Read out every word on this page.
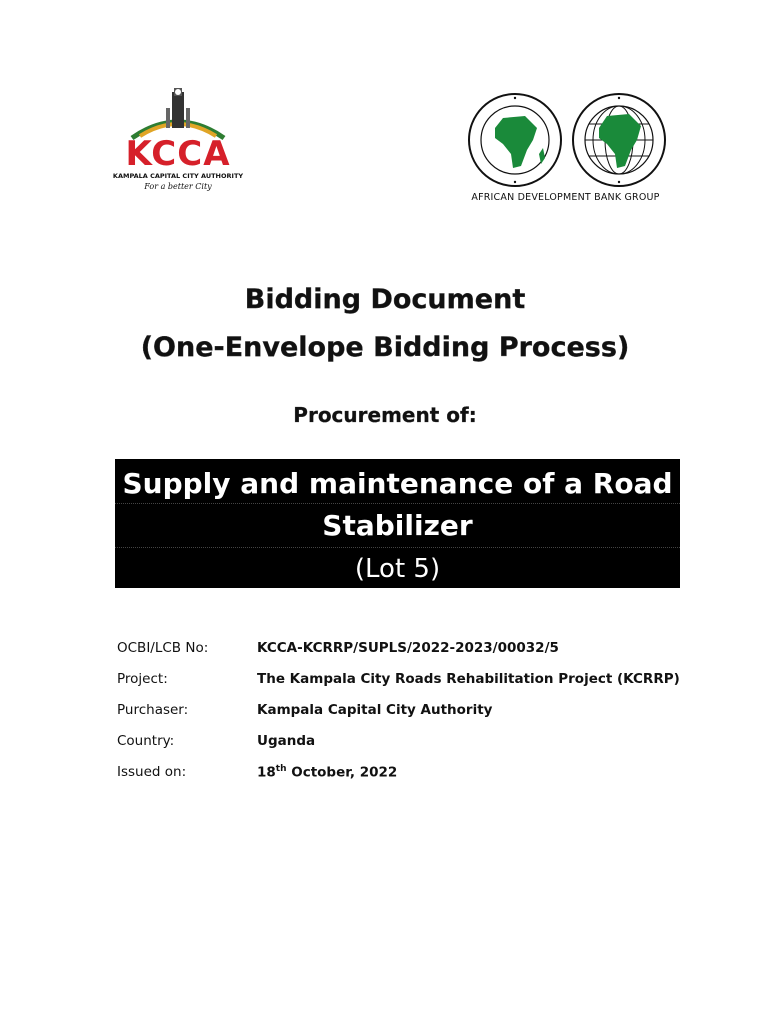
KCCA
KAMPALA CAPITAL CITY AUTHORITY
For a better City
AFRICAN DEVELOPMENT BANK GROUP
Bidding Document
(One-Envelope Bidding Process)
Procurement of:
Supply and maintenance of a Road
Stabilizer
(Lot 5)
OCBI/LCB No:	KCCA-KCRRP/SUPLS/2022-2023/00032/5
Project:	The Kampala City Roads Rehabilitation Project (KCRRP)
Purchaser:	Kampala Capital City Authority
Country:	Uganda
Issued on:	18th October, 2022
